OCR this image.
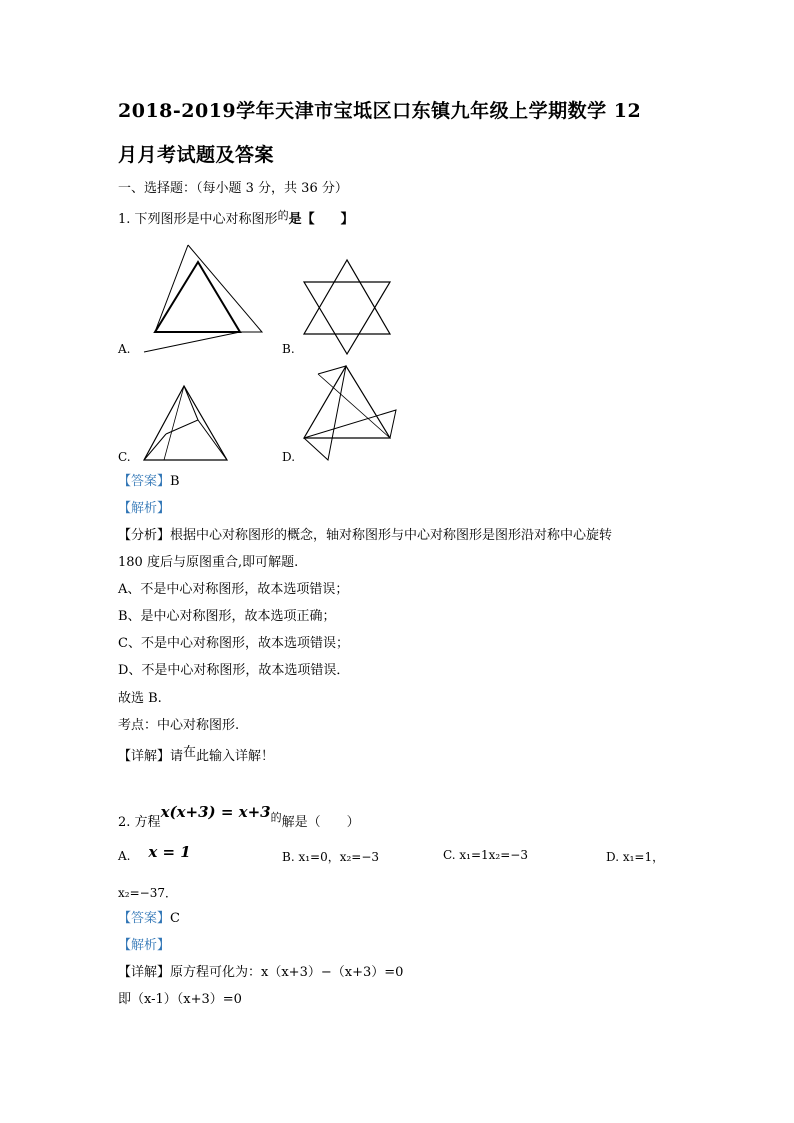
2018-2019学年天津市宝坻区口东镇九年级上学期数学 12
月月考试题及答案
一、选择题：（每小题 3 分，共 36 分）
1. 下列图形是中心对称图形$^的$是【　　】
A.	B.
C.	D.
【答案】B
【解析】
【分析】根据中心对称图形的概念，轴对称图形与中心对称图形是图形沿对称中心旋转
180 度后与原图重合,即可解题.
A、不是中心对称图形，故本选项错误；
B、是中心对称图形，故本选项正确；
C、不是中心对称图形，故本选项错误；
D、不是中心对称图形，故本选项错误．
故选 B.
考点：中心对称图形.
【详解】请在此输入详解！
2. 方程$x(x+3) = x+3^的$解是（　　）
A. x = 1	B. x₁=0，x₂=−3	C. x₁=1x₂=−3	D. x₁=1，
x₂=−37．
【答案】C
【解析】
【详解】原方程可化为：x（x+3）−（x+3）=0
即（x-1）（x+3）=0
